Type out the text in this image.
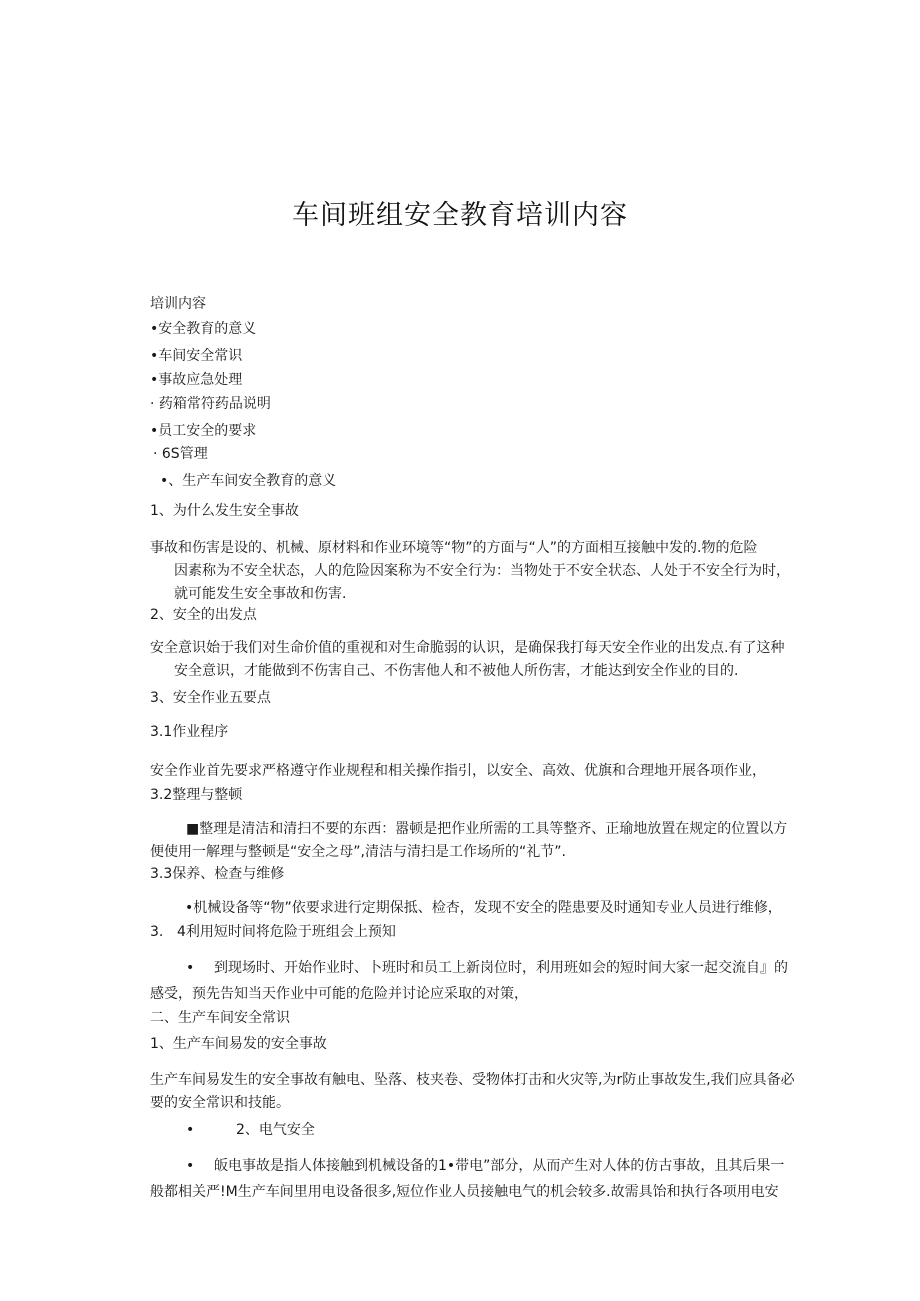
车间班组安全教育培训内容
培训内容
•安全教育的意义
•车间安全常识
•事故应急处理
· 药箱常符药品说明
•员工安全的要求
· 6S管理
•、生产车间安全教育的意义
1、为什么发生安全事故
事故和伤害是设的、机械、原材料和作业环境等“物”的方面与“人”的方面相互接触中发的.物的危险
因素称为不安全状态，人的危险因案称为不安全行为：当物处于不安全状态、人处于不安全行为时，
就可能发生安全事故和伤害.
2、安全的出发点
安全意识始于我们对生命价值的重视和对生命脆弱的认识，是确保我打每天安全作业的出发点.有了这种
安全意识，才能做到不伤害自己、不伤害他人和不被他人所伤害，才能达到安全作业的目的.
3、安全作业五要点
3.1作业程序
安全作业首先要求严格遵守作业规程和相关操作指引，以安全、高效、优旗和合理地开展各项作业，
3.2整理与整顿
■整理是清洁和清扫不要的东西：嚣顿是把作业所需的工具等整齐、正瑜地放置在规定的位置以方
便使用一解理与整顿是“安全之母”,清洁与清扫是工作场所的“礼节”.
3.3保养、检查与维修
•机械设备等“物”依要求进行定期保抵、检杏，发现不安全的陛患要及时通知专业人员进行维修，
3. 4利用短时间将危险于班组会上预知
• 到现场时、开始作业时、卜班时和员工上新岗位时，利用班如会的短时间大家一起交流自』的
感受，预先告知当天作业中可能的危险并讨论应采取的对策，
二、生产车间安全常识
1、生产车间易发的安全事故
生产车间易发生的安全事故有触电、坠落、枝夹卷、受物体打击和火灾等,为r防止事故发生,我们应具备必
要的安全常识和技能。
•	2、电气安全
• 皈电事故是指人体接触到机械设备的1•带电”部分，从而产生对人体的仿古事故，且其后果一
般都相关严!M生产车间里用电设备很多,短位作业人员接触电气的机会较多.故需具饴和执行各项用电安
